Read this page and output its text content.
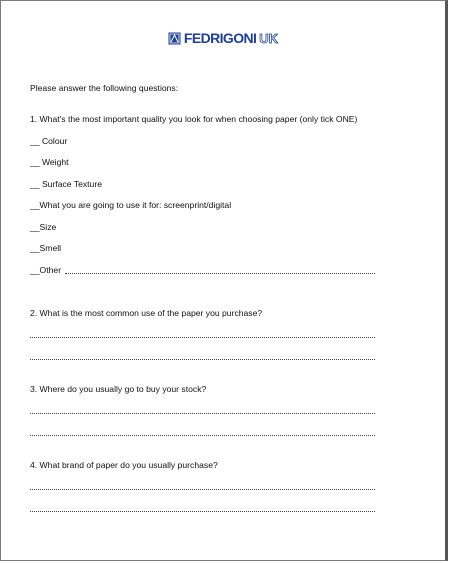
FEDRIGONI UK
Please answer the following questions:
1. What's the most important quality you look for when choosing paper (only tick ONE)
__ Colour
__ Weight
__ Surface Texture
__What you are going to use it for: screenprint/digital
__Size
__Smell
__Other
2. What is the most common use of the paper you purchase?
3. Where do you usually go to buy your stock?
4. What brand of paper do you usually purchase?
